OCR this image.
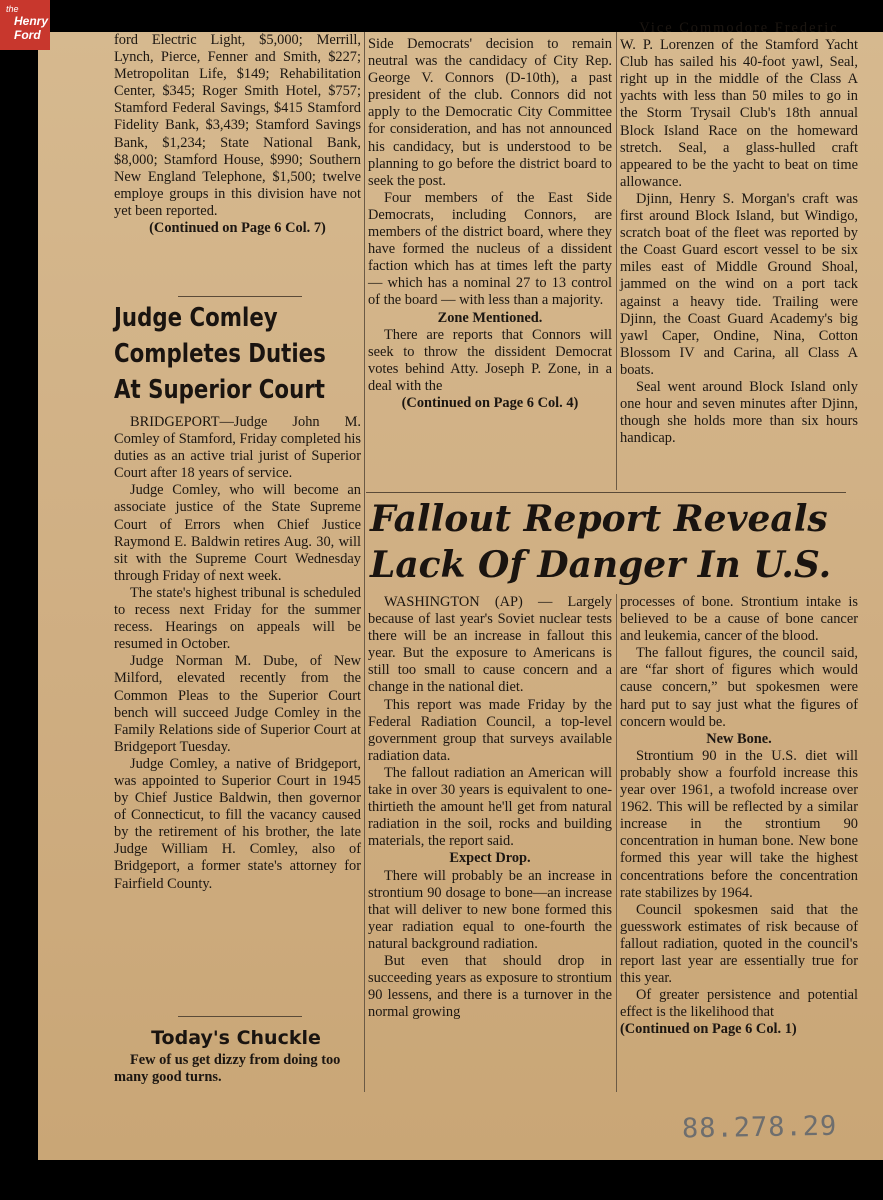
the
Henry
Ford	ford Electric Light, $5,000; Merrill, Lynch, Pierce, Fenner and Smith, $227; Metropolitan Life, $149; Rehabilitation Center, $345; Roger Smith Hotel, $757; Stamford Federal Savings, $415 Stamford Fidelity Bank, $3,439; Stamford Savings Bank, $1,234; State National Bank, $8,000; Stamford House, $990; Southern New England Telephone, $1,500; twelve employe groups in this division have not yet been reported.

(Continued on Page 6 Col. 7)

Judge Comley
Completes Duties
At Superior Court

BRIDGEPORT—Judge John M. Comley of Stamford, Friday completed his duties as an active trial jurist of Superior Court after 18 years of service.

Judge Comley, who will become an associate justice of the State Supreme Court of Errors when Chief Justice Raymond E. Baldwin retires Aug. 30, will sit with the Supreme Court Wednesday through Friday of next week.

The state's highest tribunal is scheduled to recess next Friday for the summer recess. Hearings on appeals will be resumed in October.

Judge Norman M. Dube, of New Milford, elevated recently from the Common Pleas to the Superior Court bench will succeed Judge Comley in the Family Relations side of Superior Court at Bridgeport Tuesday.

Judge Comley, a native of Bridgeport, was appointed to Superior Court in 1945 by Chief Justice Baldwin, then governor of Connecticut, to fill the vacancy caused by the retirement of his brother, the late Judge William H. Comley, also of Bridgeport, a former state's attorney for Fairfield County.

Today's Chuckle
Few of us get dizzy from doing too many good turns.

Side Democrats' decision to remain neutral was the candidacy of City Rep. George V. Connors (D-10th), a past president of the club. Connors did not apply to the Democratic City Committee for consideration, and has not announced his candidacy, but is understood to be planning to go before the district board to seek the post.

Four members of the East Side Democrats, including Connors, are members of the district board, where they have formed the nucleus of a dissident faction which has at times left the party — which has a nominal 27 to 13 control of the board — with less than a majority.

Zone Mentioned.

There are reports that Connors will seek to throw the dissident Democrat votes behind Atty. Joseph P. Zone, in a deal with the

(Continued on Page 6 Col. 4)

Vice Commodore Frederic

W. P. Lorenzen of the Stamford Yacht Club has sailed his 40-foot yawl, Seal, right up in the middle of the Class A yachts with less than 50 miles to go in the Storm Trysail Club's 18th annual Block Island Race on the homeward stretch. Seal, a glass-hulled craft appeared to be the yacht to beat on time allowance.

Djinn, Henry S. Morgan's craft was first around Block Island, but Windigo, scratch boat of the fleet was reported by the Coast Guard escort vessel to be six miles east of Middle Ground Shoal, jammed on the wind on a port tack against a heavy tide. Trailing were Djinn, the Coast Guard Academy's big yawl Caper, Ondine, Nina, Cotton Blossom IV and Carina, all Class A boats.

Seal went around Block Island only one hour and seven minutes after Djinn, though she holds more than six hours handicap.

Fallout Report Reveals
Lack Of Danger In U.S.

WASHINGTON (AP) — Largely because of last year's Soviet nuclear tests there will be an increase in fallout this year. But the exposure to Americans is still too small to cause concern and a change in the national diet.

This report was made Friday by the Federal Radiation Council, a top-level government group that surveys available radiation data.

The fallout radiation an American will take in over 30 years is equivalent to one-thirtieth the amount he'll get from natural radiation in the soil, rocks and building materials, the report said.

Expect Drop.

There will probably be an increase in strontium 90 dosage to bone—an increase that will deliver to new bone formed this year radiation equal to one-fourth the natural background radiation.

But even that should drop in succeeding years as exposure to strontium 90 lessens, and there is a turnover in the normal growing

processes of bone. Strontium intake is believed to be a cause of bone cancer and leukemia, cancer of the blood.

The fallout figures, the council said, are “far short of figures which would cause concern,” but spokesmen were hard put to say just what the figures of concern would be.

New Bone.

Strontium 90 in the U.S. diet will probably show a fourfold increase this year over 1961, a twofold increase over 1962. This will be reflected by a similar increase in the strontium 90 concentration in human bone. New bone formed this year will take the highest concentrations before the concentration rate stabilizes by 1964.

Council spokesmen said that the guesswork estimates of risk because of fallout radiation, quoted in the council's report last year are essentially true for this year.

Of greater persistence and potential effect is the likelihood that

(Continued on Page 6 Col. 1)

88.278.29
